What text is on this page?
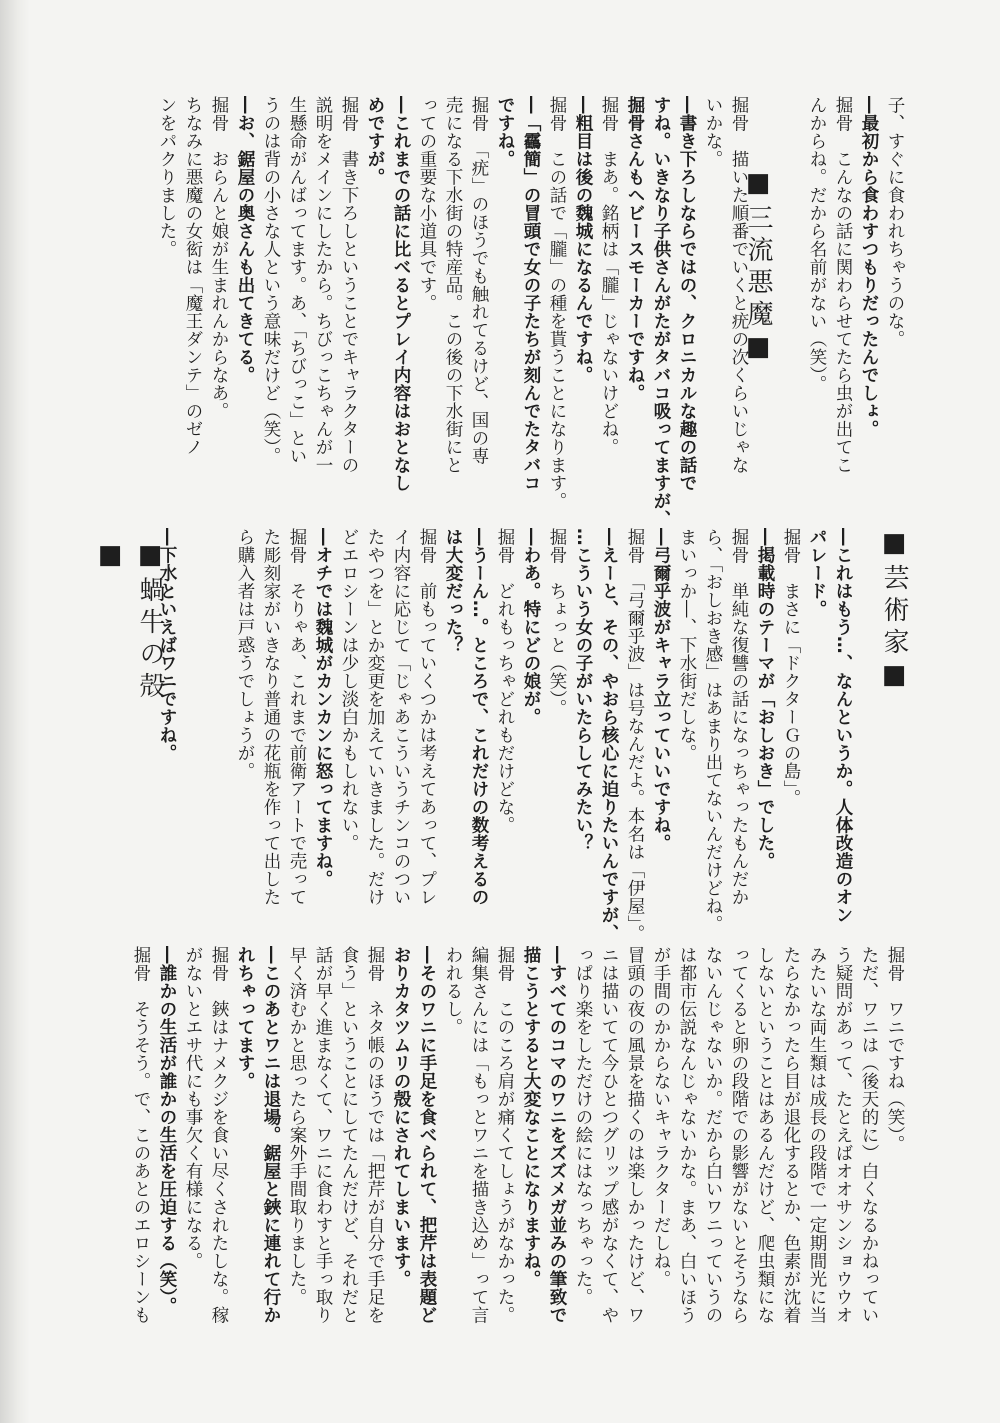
子、すぐに食われちゃうのな。
―最初から食わすつもりだったんでしょ。
掘骨　こんなの話に関わらせてたら虫が出てこ
んからね。だから名前がない（笑）。

掘骨　描いた順番でいくと疣の次くらいじゃな
いかな。
―書き下ろしならではの、クロニカルな趣の話で
すね。いきなり子供さんがたがタバコ吸ってますが、
掘骨さんもヘビースモーカーですね。
掘骨　まあ。銘柄は「朧」じゃないけどね。
―粗目は後の魏城になるんですね。
掘骨　この話で「朧」の種を貰うことになります。
―「靏簡」の冒頭で女の子たちが刻んでたタバコ
ですね。
掘骨　「疣」のほうでも触れてるけど、国の専
売になる下水街の特産品。この後の下水街にと
っての重要な小道具です。
―これまでの話に比べるとプレイ内容はおとなし
めですが。
掘骨　書き下ろしということでキャラクターの
説明をメインにしたから。ちびっこちゃんが一
生懸命がんばってます。あ、「ちびっこ」とい
うのは背の小さな人という意味だけど（笑）。
―お、鋸屋の奥さんも出てきてる。
掘骨　おらんと娘が生まれんからなあ。
ちなみに悪魔の女衒は「魔王ダンテ」のゼノ
ンをパクりました。

―これはもう…、なんというか。人体改造のオン
パレード。
掘骨　まさに「ドクターＧの島」。
―掲載時のテーマが「おしおき」でした。
掘骨　単純な復讐の話になっちゃったもんだか
ら、「おしおき感」はあまり出てないんだけどね。
まいっか―、下水街だしな。
―弓爾乎波がキャラ立っていいですね。
掘骨　「弓爾乎波」は号なんだよ。本名は「伊屋」。
―えーと、その、やおら核心に迫りたいんですが、
…こういう女の子がいたらしてみたい？
掘骨　ちょっと（笑）。
―わあ。特にどの娘が。
掘骨　どれもっちゃどれもだけどな。
―うーん…。ところで、これだけの数考えるの
は大変だった？
掘骨　前もっていくつかは考えてあって、プレ
イ内容に応じて「じゃあこういうチンコのつい
たやつを」とか変更を加えていきました。だけ
どエロシーンは少し淡白かもしれない。
―オチでは魏城がカンカンに怒ってますね。
掘骨　そりゃあ、これまで前衛アートで売って
た彫刻家がいきなり普通の花瓶を作って出した
ら購入者は戸惑うでしょうが。

―下水といえばワニですね。
掘骨　ワニですね（笑）。
ただ、ワニは（後天的に）白くなるかねってい
う疑問があって、たとえばオオサンショウウオ
みたいな両生類は成長の段階で一定期間光に当
たらなかったら目が退化するとか、色素が沈着
しないということはあるんだけど、爬虫類にな
ってくると卵の段階での影響がないとそうなら
ないんじゃないか。だから白いワニっていうの
は都市伝説なんじゃないかな。まあ、白いほう
が手間のかからないキャラクターだしね。
冒頭の夜の風景を描くのは楽しかったけど、ワ
ニは描いてて今ひとつグリップ感がなくて、や
っぱり楽をしただけの絵にはなっちゃった。
―すべてのコマのワニをズズメガ並みの筆致で
描こうとすると大変なことになりますね。
掘骨　このころ肩が痛くてしょうがなかった。
編集さんには「もっとワニを描き込め」って言
われるし。
―そのワニに手足を食べられて、把芹は表題ど
おりカタツムリの殻にされてしまいます。
掘骨　ネタ帳のほうでは「把芹が自分で手足を
食う」ということにしてたんだけど、それだと
話が早く進まなくて、ワニに食わすと手っ取り
早く済むかと思ったら案外手間取りました。
―このあとワニは退場。鋸屋と鋏に連れて行か
れちゃってます。
掘骨　鋏はナメクジを食い尽くされたしな。稼
がないとエサ代にも事欠く有様になる。
―誰かの生活が誰かの生活を圧迫する（笑）。
掘骨　そうそう。で、このあとのエロシーンも
■三流悪魔■
■芸術家■
■蝸牛の殻■
